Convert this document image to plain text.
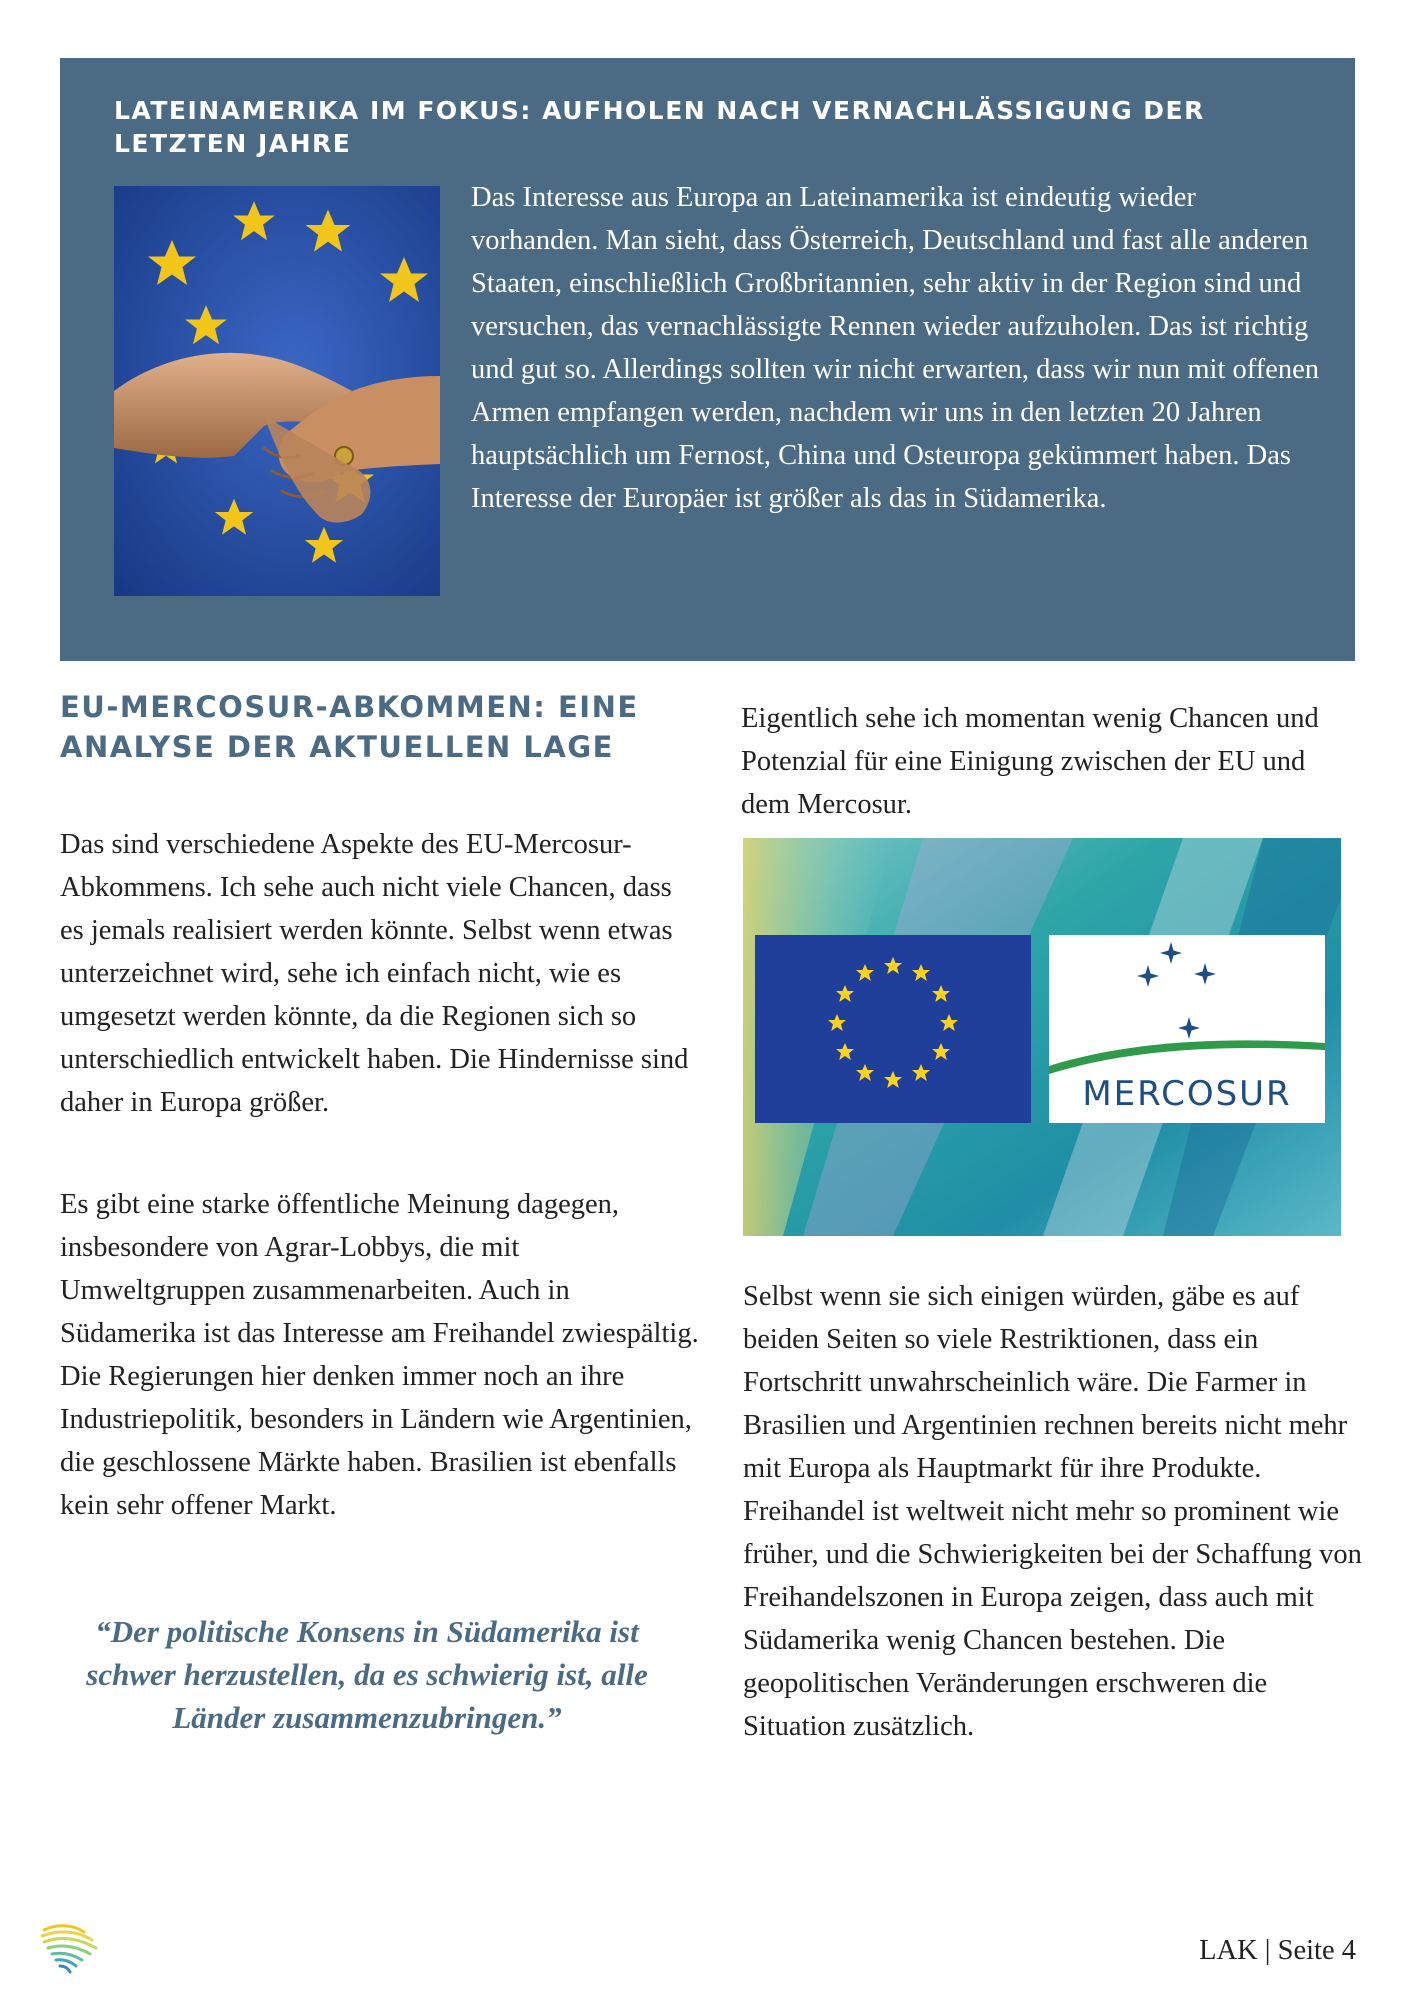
LATEINAMERIKA IM FOKUS: AUFHOLEN NACH VERNACHLÄSSIGUNG DER LETZTEN JAHRE

Das Interesse aus Europa an Lateinamerika ist eindeutig wieder vorhanden. Man sieht, dass Österreich, Deutschland und fast alle anderen Staaten, einschließlich Großbritannien, sehr aktiv in der Region sind und versuchen, das vernachlässigte Rennen wieder aufzuholen. Das ist richtig und gut so. Allerdings sollten wir nicht erwarten, dass wir nun mit offenen Armen empfangen werden, nachdem wir uns in den letzten 20 Jahren hauptsächlich um Fernost, China und Osteuropa gekümmert haben. Das Interesse der Europäer ist größer als das in Südamerika.

EU-MERCOSUR-ABKOMMEN: EINE ANALYSE DER AKTUELLEN LAGE

Das sind verschiedene Aspekte des EU-Mercosur-Abkommens. Ich sehe auch nicht viele Chancen, dass es jemals realisiert werden könnte. Selbst wenn etwas unterzeichnet wird, sehe ich einfach nicht, wie es umgesetzt werden könnte, da die Regionen sich so unterschiedlich entwickelt haben. Die Hindernisse sind daher in Europa größer.

Es gibt eine starke öffentliche Meinung dagegen, insbesondere von Agrar-Lobbys, die mit Umweltgruppen zusammenarbeiten. Auch in Südamerika ist das Interesse am Freihandel zwiespältig. Die Regierungen hier denken immer noch an ihre Industriepolitik, besonders in Ländern wie Argentinien, die geschlossene Märkte haben. Brasilien ist ebenfalls kein sehr offener Markt.

“Der politische Konsens in Südamerika ist schwer herzustellen, da es schwierig ist, alle Länder zusammenzubringen.”

Eigentlich sehe ich momentan wenig Chancen und Potenzial für eine Einigung zwischen der EU und dem Mercosur.

MERCOSUR

Selbst wenn sie sich einigen würden, gäbe es auf beiden Seiten so viele Restriktionen, dass ein Fortschritt unwahrscheinlich wäre. Die Farmer in Brasilien und Argentinien rechnen bereits nicht mehr mit Europa als Hauptmarkt für ihre Produkte. Freihandel ist weltweit nicht mehr so prominent wie früher, und die Schwierigkeiten bei der Schaffung von Freihandelszonen in Europa zeigen, dass auch mit Südamerika wenig Chancen bestehen. Die geopolitischen Veränderungen erschweren die Situation zusätzlich.

LAK | Seite 4
